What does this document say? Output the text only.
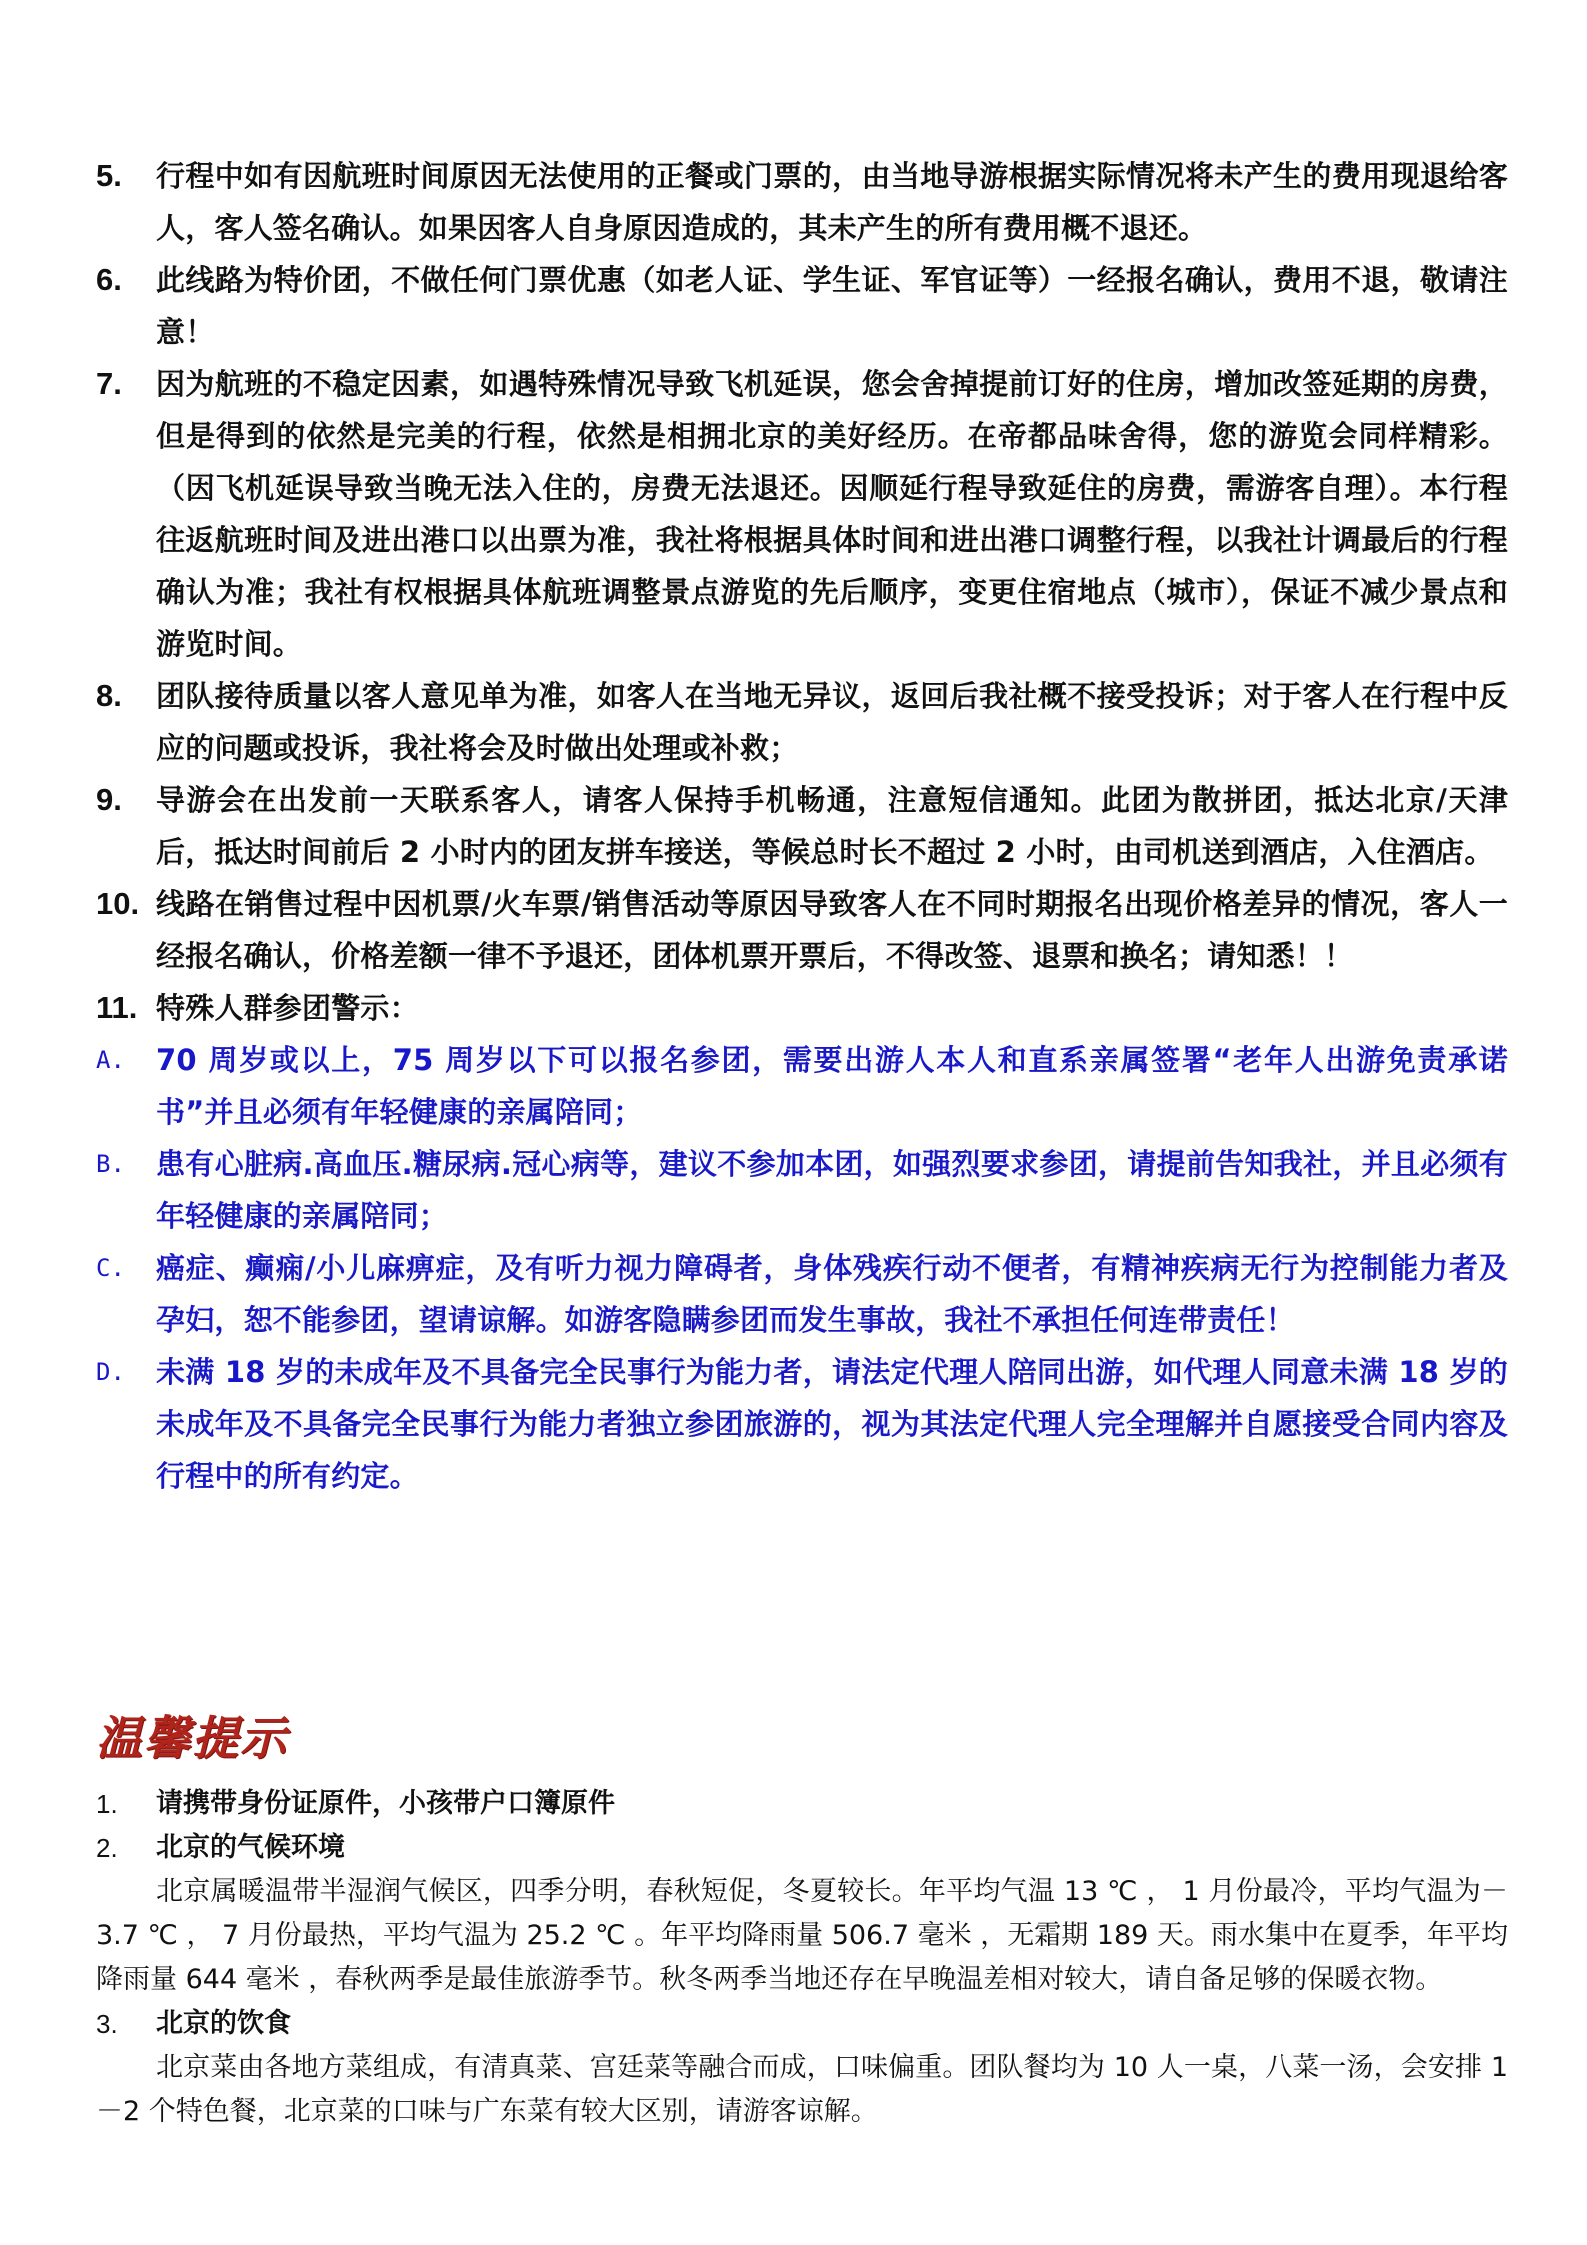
5. 行程中如有因航班时间原因无法使用的正餐或门票的，由当地导游根据实际情况将未产生的费用现退给客人，客人签名确认。如果因客人自身原因造成的，其未产生的所有费用概不退还。
6. 此线路为特价团，不做任何门票优惠（如老人证、学生证、军官证等）一经报名确认，费用不退，敬请注意！
7. 因为航班的不稳定因素，如遇特殊情况导致飞机延误，您会舍掉提前订好的住房，增加改签延期的房费，但是得到的依然是完美的行程，依然是相拥北京的美好经历。在帝都品味舍得，您的游览会同样精彩。（因飞机延误导致当晚无法入住的，房费无法退还。因顺延行程导致延住的房费，需游客自理）。本行程往返航班时间及进出港口以出票为准，我社将根据具体时间和进出港口调整行程，以我社计调最后的行程确认为准；我社有权根据具体航班调整景点游览的先后顺序，变更住宿地点（城市），保证不减少景点和游览时间。
8. 团队接待质量以客人意见单为准，如客人在当地无异议，返回后我社概不接受投诉；对于客人在行程中反应的问题或投诉，我社将会及时做出处理或补救；
9. 导游会在出发前一天联系客人，请客人保持手机畅通，注意短信通知。此团为散拼团，抵达北京/天津后，抵达时间前后 2 小时内的团友拼车接送，等候总时长不超过 2 小时，由司机送到酒店，入住酒店。
10. 线路在销售过程中因机票/火车票/销售活动等原因导致客人在不同时期报名出现价格差异的情况，客人一经报名确认，价格差额一律不予退还，团体机票开票后，不得改签、退票和换名；请知悉！！
11. 特殊人群参团警示：
A. 70 周岁或以上，75 周岁以下可以报名参团，需要出游人本人和直系亲属签署“老年人出游免责承诺书”并且必须有年轻健康的亲属陪同；
B. 患有心脏病.高血压.糖尿病.冠心病等，建议不参加本团，如强烈要求参团，请提前告知我社，并且必须有年轻健康的亲属陪同；
C. 癌症、癫痫/小儿麻痹症，及有听力视力障碍者，身体残疾行动不便者，有精神疾病无行为控制能力者及孕妇，恕不能参团，望请谅解。如游客隐瞒参团而发生事故，我社不承担任何连带责任！
D. 未满 18 岁的未成年及不具备完全民事行为能力者，请法定代理人陪同出游，如代理人同意未满 18 岁的未成年及不具备完全民事行为能力者独立参团旅游的，视为其法定代理人完全理解并自愿接受合同内容及行程中的所有约定。
温馨提示
1. 请携带身份证原件，小孩带户口簿原件
2. 北京的气候环境
北京属暖温带半湿润气候区，四季分明，春秋短促，冬夏较长。年平均气温 13 ℃ ， 1 月份最冷，平均气温为－ 3.7 ℃ ， 7 月份最热，平均气温为 25.2 ℃ 。年平均降雨量 506.7 毫米 ，无霜期 189 天。雨水集中在夏季，年平均降雨量 644 毫米 ，春秋两季是最佳旅游季节。秋冬两季当地还存在早晚温差相对较大，请自备足够的保暖衣物。
3. 北京的饮食
北京菜由各地方菜组成，有清真菜、宫廷菜等融合而成，口味偏重。团队餐均为 10 人一桌，八菜一汤，会安排 1－2 个特色餐，北京菜的口味与广东菜有较大区别，请游客谅解。
